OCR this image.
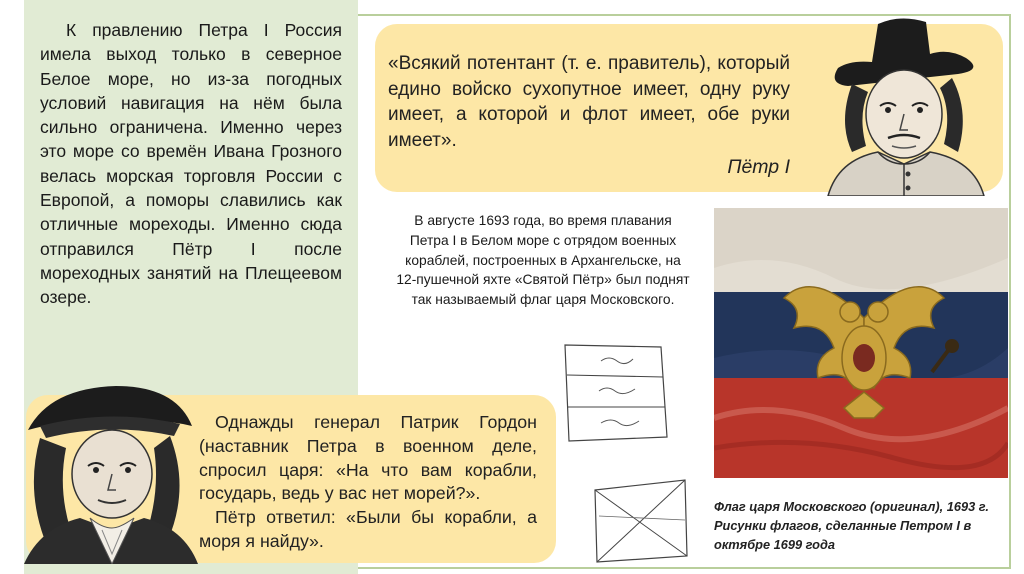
К правлению Петра I Россия имела выход только в северное Белое море, но из-за погодных условий навигация на нём была сильно ограничена. Именно через это море со времён Ивана Грозного велась морская торговля России с Европой, а поморы славились как отличные мореходы. Именно сюда отправился Пётр I после мореходных занятий на Плещеевом озере.
«Всякий потентант (т. е. правитель), который едино войско сухопутное имеет, одну руку имеет, а которой и флот имеет, обе руки имеет».
Пётр I
В августе 1693 года, во время плавания Петра I в Белом море с отрядом военных кораблей, построенных в Архангельске, на 12-пушечной яхте «Святой Пётр» был поднят так называемый флаг царя Московского.
Флаг царя Московского (оригинал), 1693 г.
Рисунки флагов, сделанные Петром I в октябре 1699 года

Однажды генерал Патрик Гордон (наставник Петра в военном деле, спросил царя: «На что вам корабли, государь, ведь у вас нет морей?».

Пётр ответил: «Были бы корабли, а моря я найду».
